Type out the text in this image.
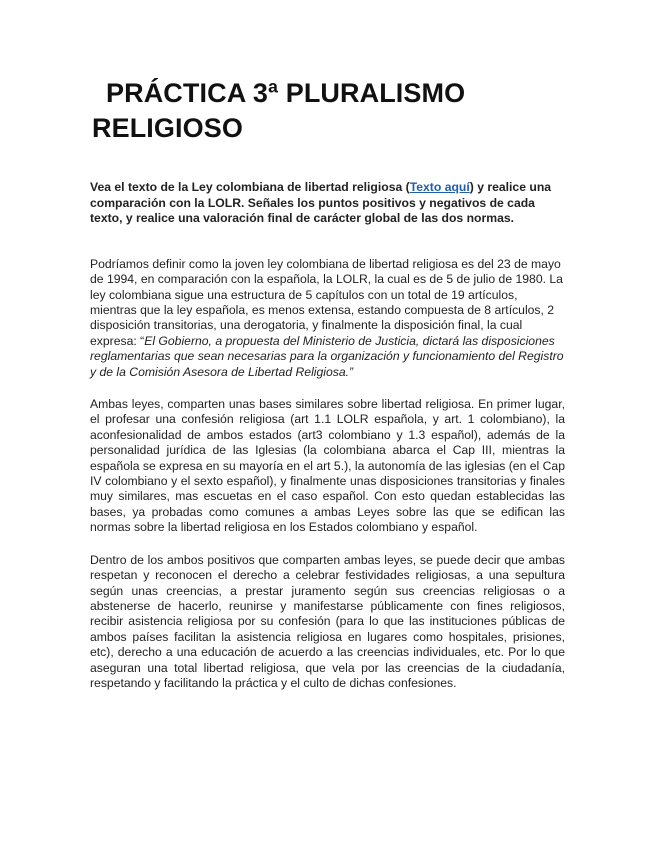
PRÁCTICA 3ª PLURALISMO RELIGIOSO

Vea el texto de la Ley colombiana de libertad religiosa (Texto aquí) y realice una comparación con la LOLR. Señales los puntos positivos y negativos de cada texto, y realice una valoración final de carácter global de las dos normas.

Podríamos definir como la joven ley colombiana de libertad religiosa es del 23 de mayo de 1994, en comparación con la española, la LOLR, la cual es de 5 de julio de 1980. La ley colombiana sigue una estructura de 5 capítulos con un total de 19 artículos, mientras que la ley española, es menos extensa, estando compuesta de 8 artículos, 2 disposición transitorias, una derogatoria, y finalmente la disposición final, la cual expresa: “El Gobierno, a propuesta del Ministerio de Justicia, dictará las disposiciones reglamentarias que sean necesarias para la organización y funcionamiento del Registro y de la Comisión Asesora de Libertad Religiosa.”

Ambas leyes, comparten unas bases similares sobre libertad religiosa. En primer lugar, el profesar una confesión religiosa (art 1.1 LOLR española, y art. 1 colombiano), la aconfesionalidad de ambos estados (art3 colombiano y 1.3 español), además de la personalidad jurídica de las Iglesias (la colombiana abarca el Cap III, mientras la española se expresa en su mayoría en el art 5.), la autonomía de las iglesias (en el Cap IV colombiano y el sexto español), y finalmente unas disposiciones transitorias y finales muy similares, mas escuetas en el caso español. Con esto quedan establecidas las bases, ya probadas como comunes a ambas Leyes sobre las que se edifican las normas sobre la libertad religiosa en los Estados colombiano y español.

Dentro de los ambos positivos que comparten ambas leyes, se puede decir que ambas respetan y reconocen el derecho a celebrar festividades religiosas, a una sepultura según unas creencias, a prestar juramento según sus creencias religiosas o a abstenerse de hacerlo, reunirse y manifestarse públicamente con fines religiosos, recibir asistencia religiosa por su confesión (para lo que las instituciones públicas de ambos países facilitan la asistencia religiosa en lugares como hospitales, prisiones, etc), derecho a una educación de acuerdo a las creencias individuales, etc. Por lo que aseguran una total libertad religiosa, que vela por las creencias de la ciudadanía, respetando y facilitando la práctica y el culto de dichas confesiones.
